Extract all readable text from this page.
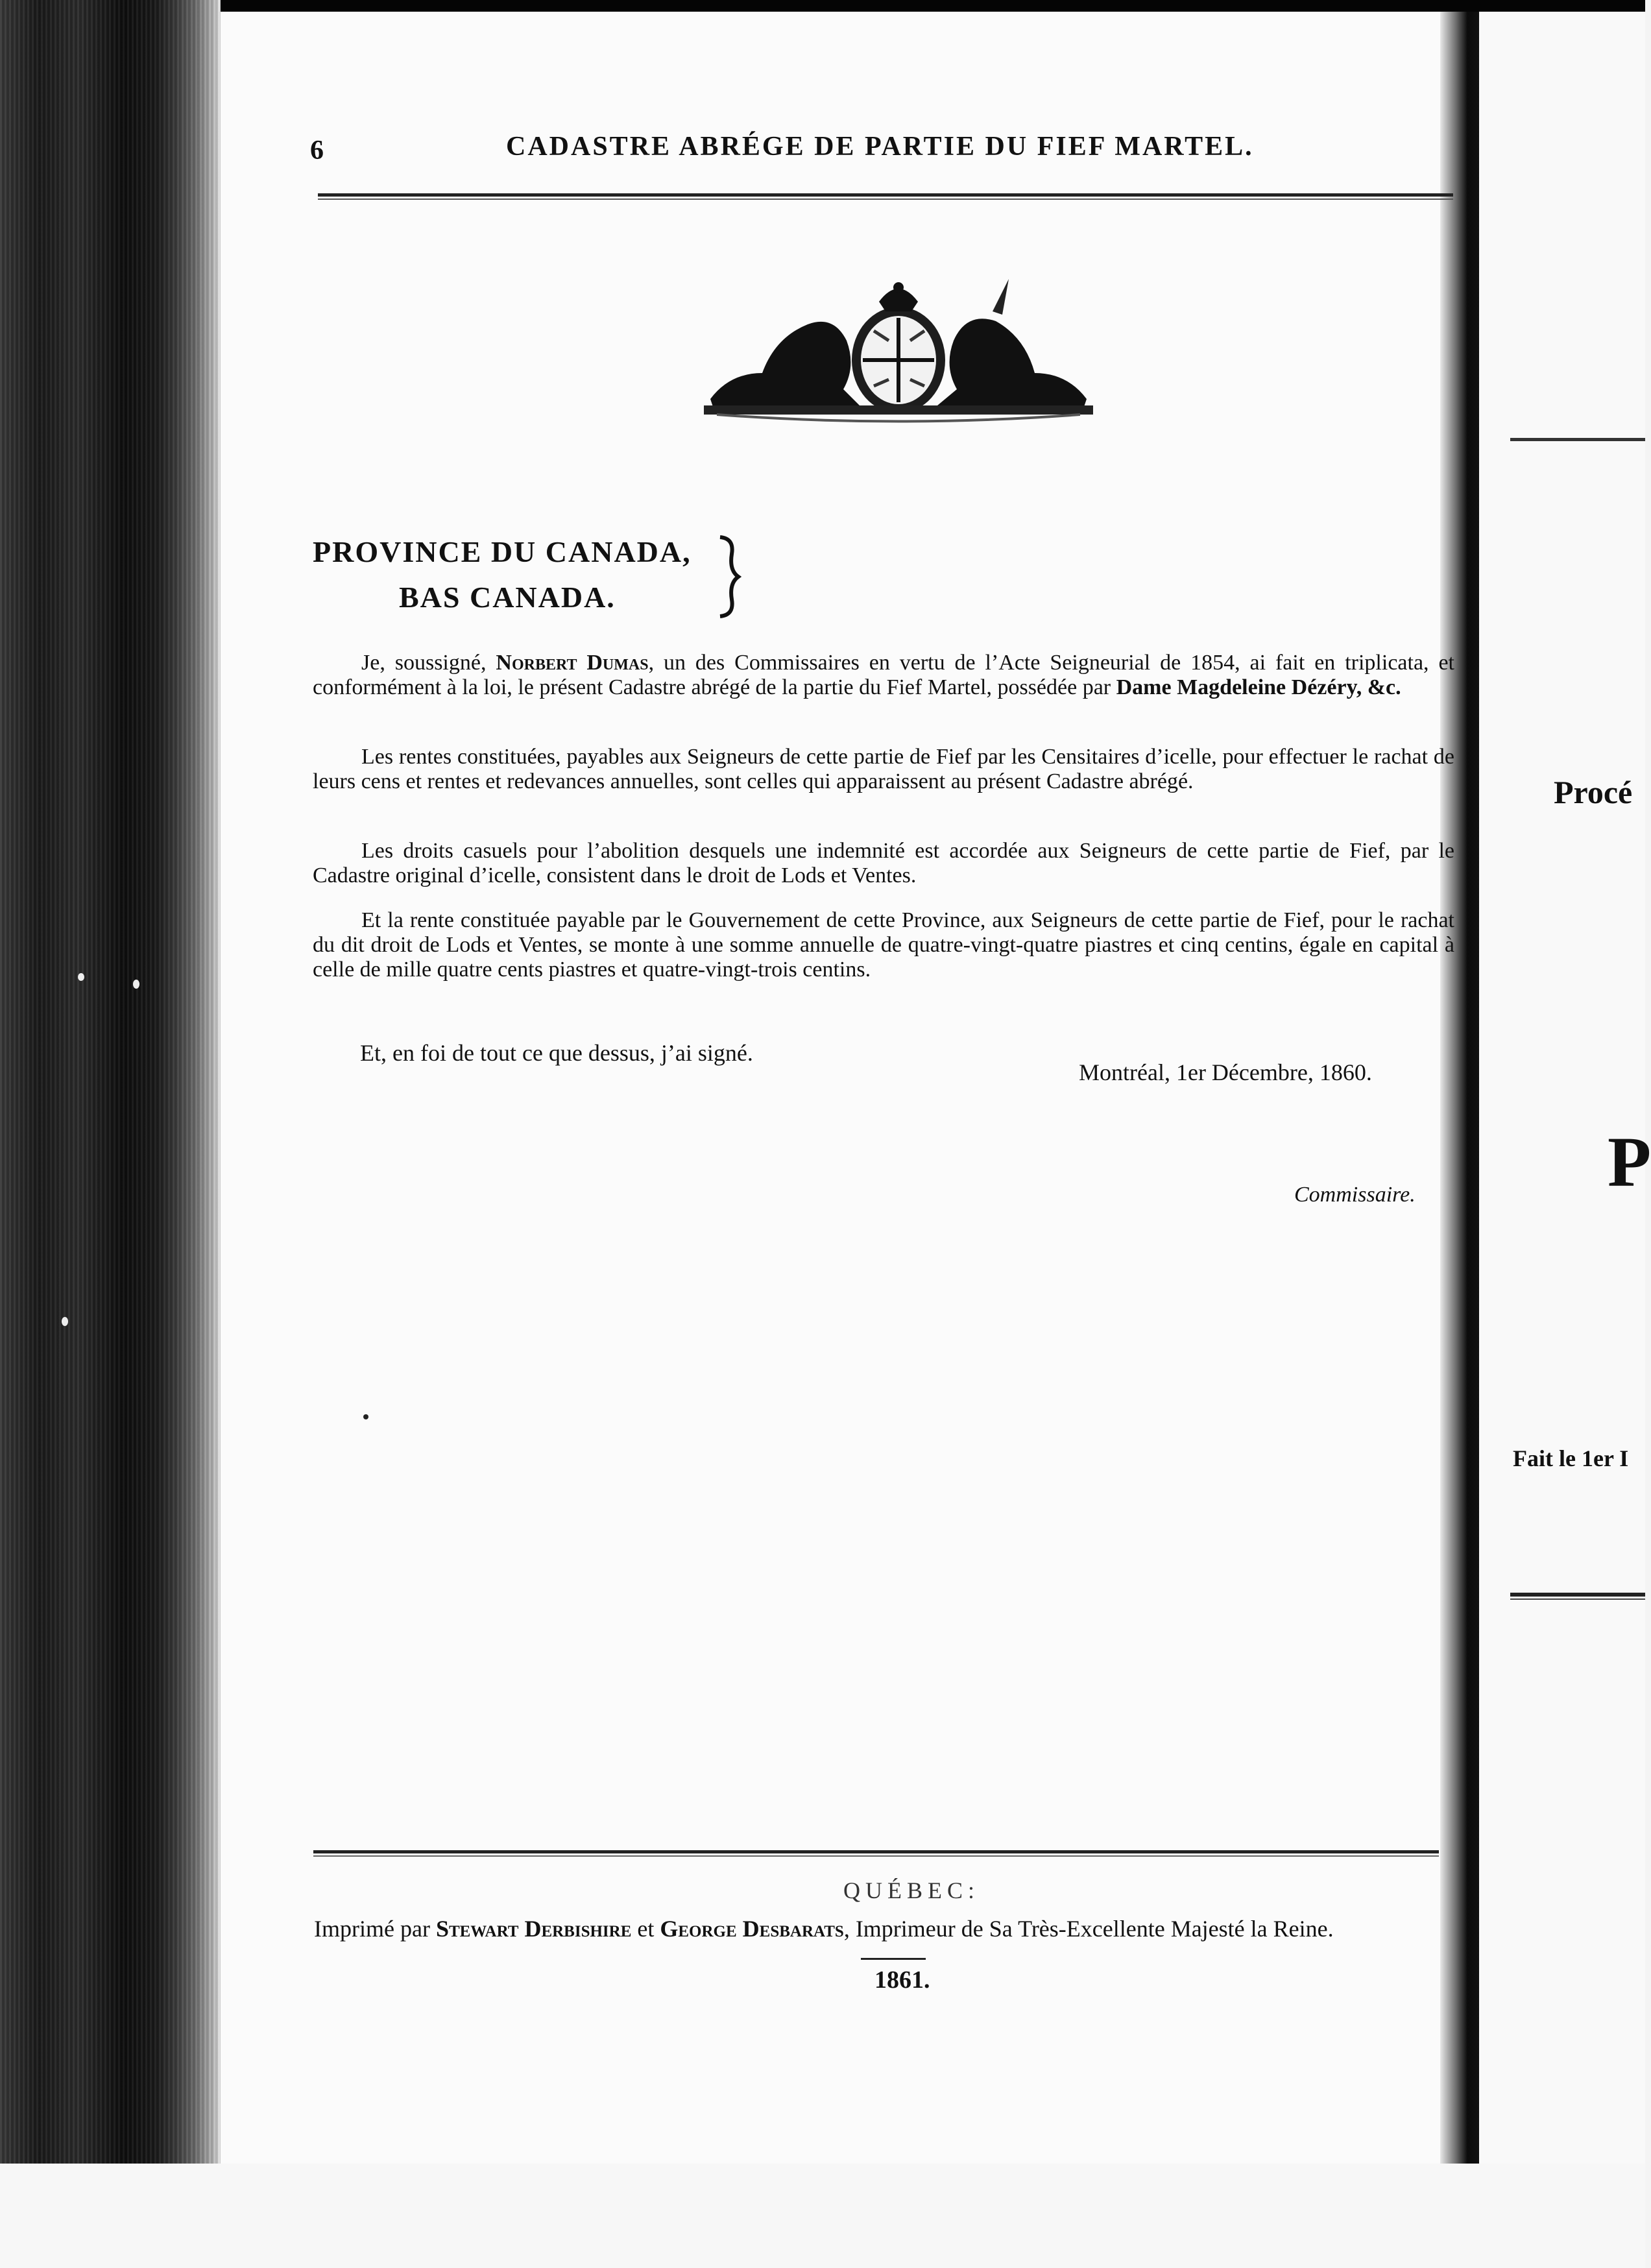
6	CADASTRE ABRÉGE DE PARTIE DU FIEF MARTEL.
PROVINCE DU CANADA,
BAS CANADA.

Je, soussigné, Norbert Dumas, un des Commissaires en vertu de l’Acte Seigneurial de 1854, ai fait en triplicata, et conformément à la loi, le présent Cadastre abrégé de la partie du Fief Martel, possédée par Dame Magdeleine Dézéry, &c.

Les rentes constituées, payables aux Seigneurs de cette partie de Fief par les Censitaires d’icelle, pour effectuer le rachat de leurs cens et rentes et redevances annuelles, sont celles qui apparaissent au présent Cadastre abrégé.

Les droits casuels pour l’abolition desquels une indemnité est accordée aux Seigneurs de cette partie de Fief, par le Cadastre original d’icelle, consistent dans le droit de Lods et Ventes.

Et la rente constituée payable par le Gouvernement de cette Province, aux Seigneurs de cette partie de Fief, pour le rachat du dit droit de Lods et Ventes, se monte à une somme annuelle de quatre-vingt-quatre piastres et cinq centins, égale en capital à celle de mille quatre cents piastres et quatre-vingt-trois centins.

Et, en foi de tout ce que dessus, j’ai signé.
Montréal, 1er Décembre, 1860.
Commissaire.
QUÉBEC:
Imprimé par Stewart Derbishire et George Desbarats, Imprimeur de Sa Très-Excellente Majesté la Reine.
1861.
Procé
P
Fait le 1er I
